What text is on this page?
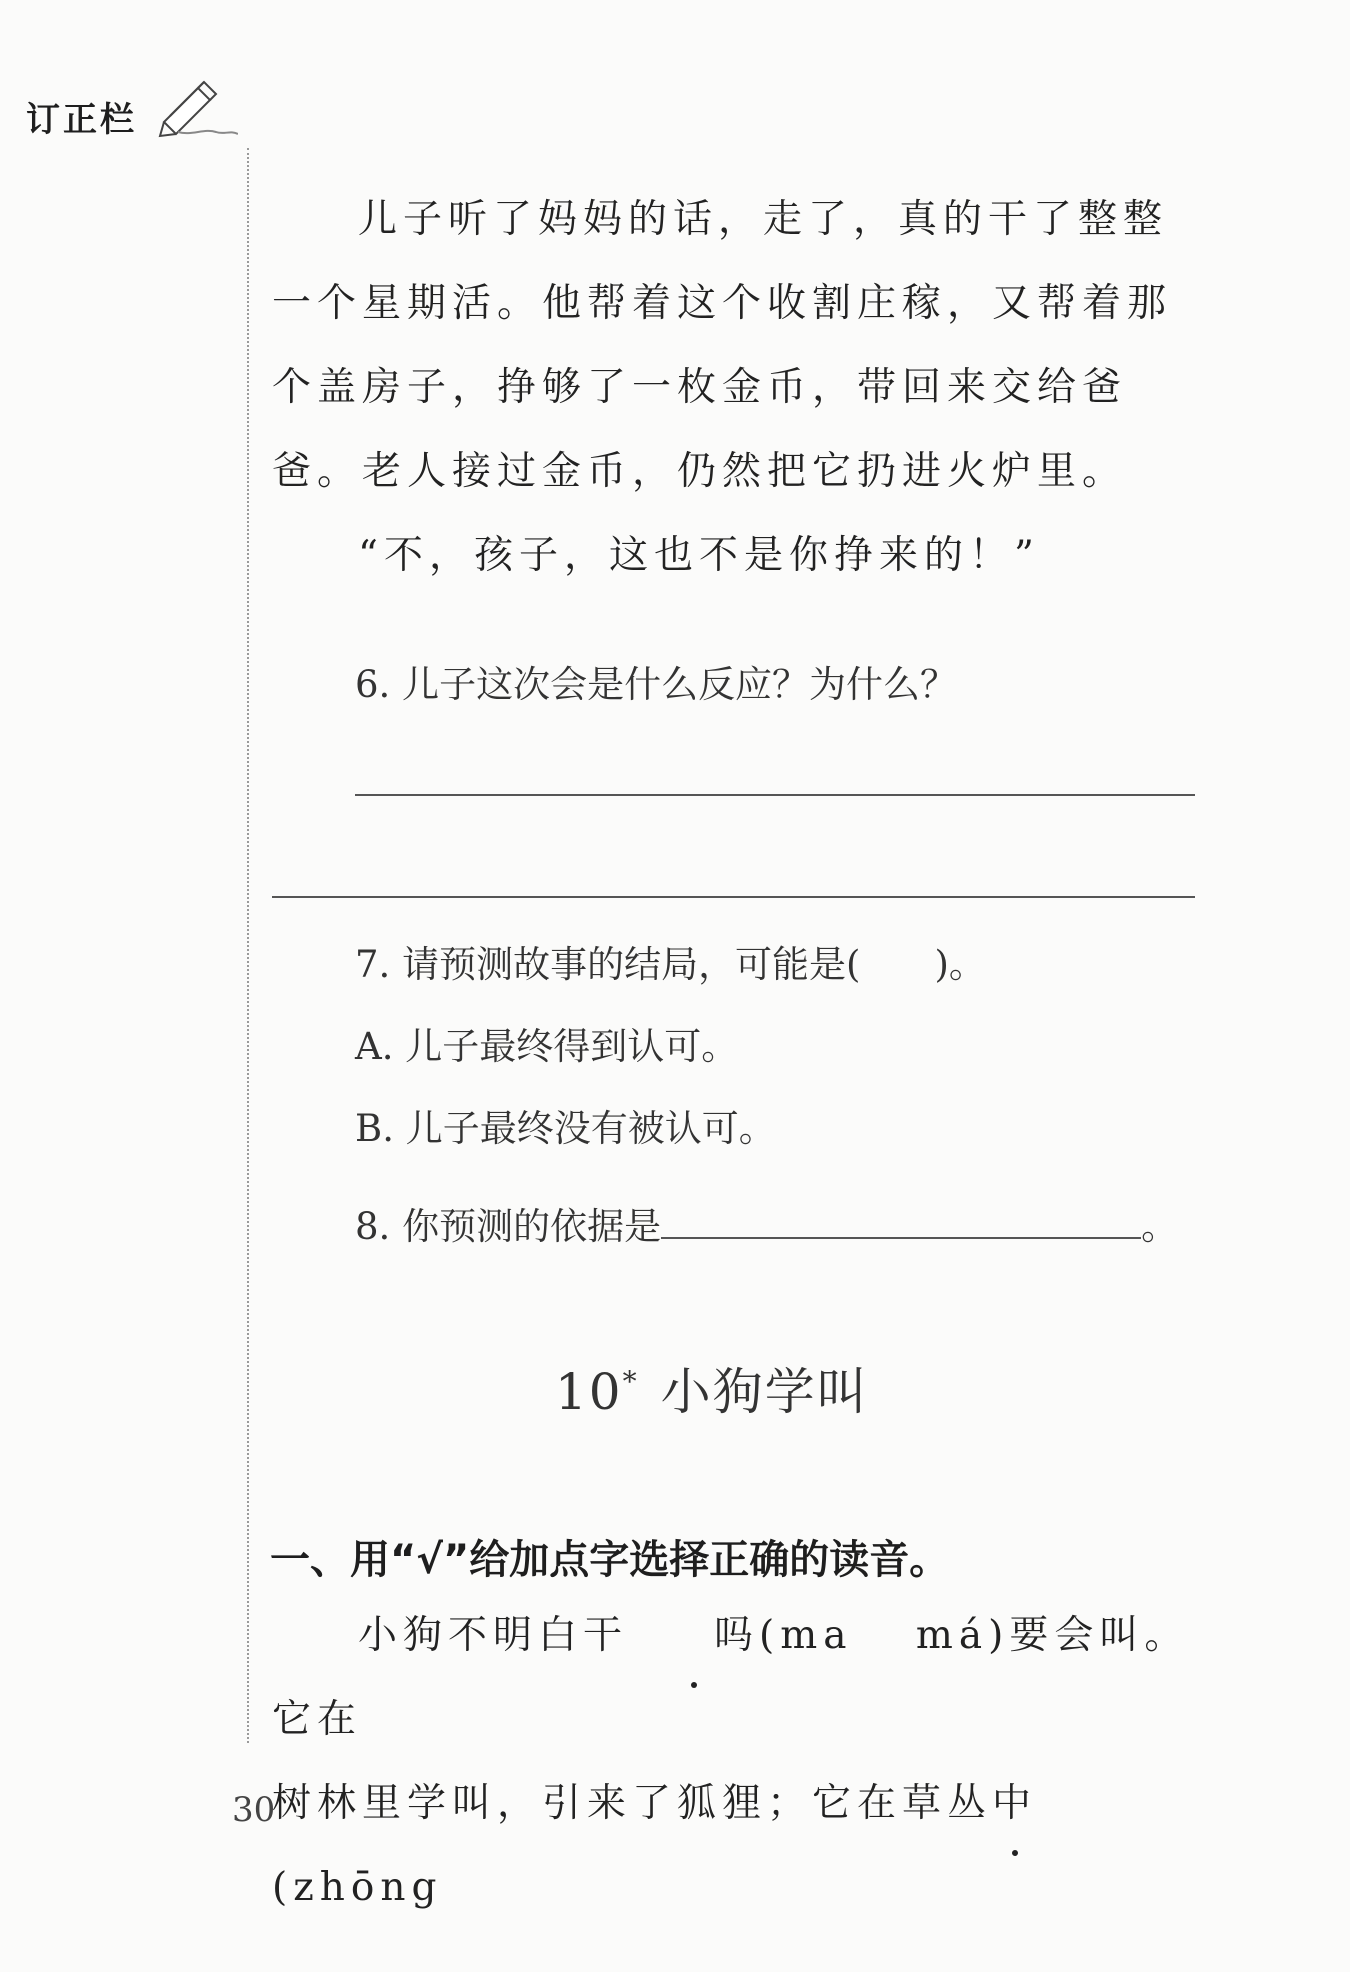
订正栏

儿子听了妈妈的话，走了，真的干了整整一个星期活。他帮着这个收割庄稼，又帮着那个盖房子，挣够了一枚金币，带回来交给爸爸。老人接过金币，仍然把它扔进火炉里。

“不，孩子，这也不是你挣来的！”

6. 儿子这次会是什么反应？为什么？
7. 请预测故事的结局，可能是(　　)。
A. 儿子最终得到认可。
B. 儿子最终没有被认可。
8. 你预测的依据是	。
10* 小狗学叫
一、用“√”给加点字选择正确的读音。

小狗不明白干 吗(ma　 má)要会叫。它在

树林里学叫，引来了狐狸；它在草丛中(zhōng

30
